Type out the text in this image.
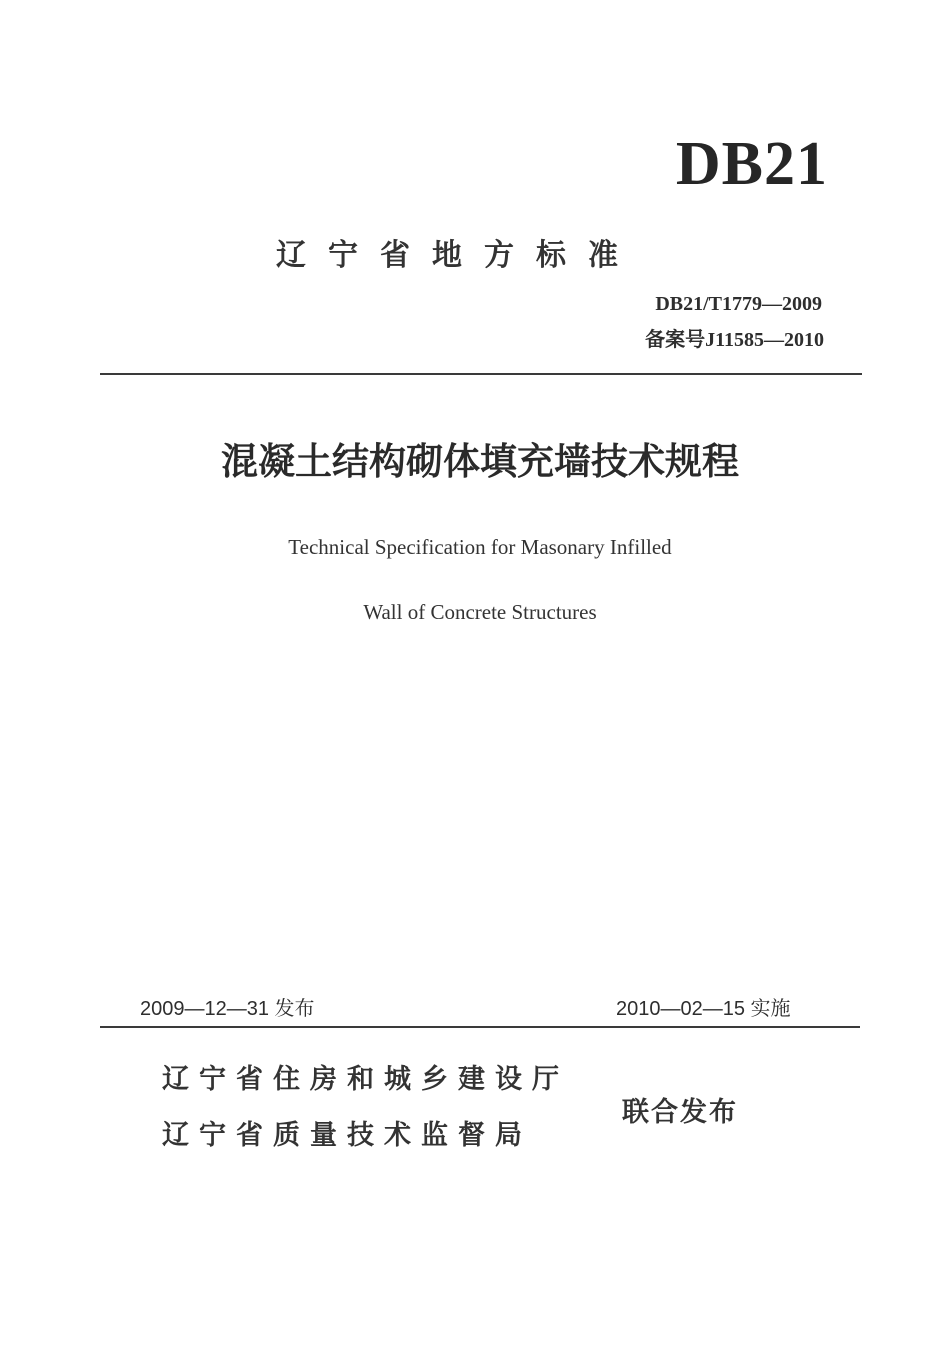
DB21
辽宁省地方标准
DB21/T1779—2009
备案号J11585—2010
混凝土结构砌体填充墙技术规程
Technical Specification for Masonary Infilled
Wall of Concrete Structures
2009—12—31 发布	2010—02—15 实施
辽宁省住房和城乡建设厅
辽宁省质量技术监督局
联合发布
